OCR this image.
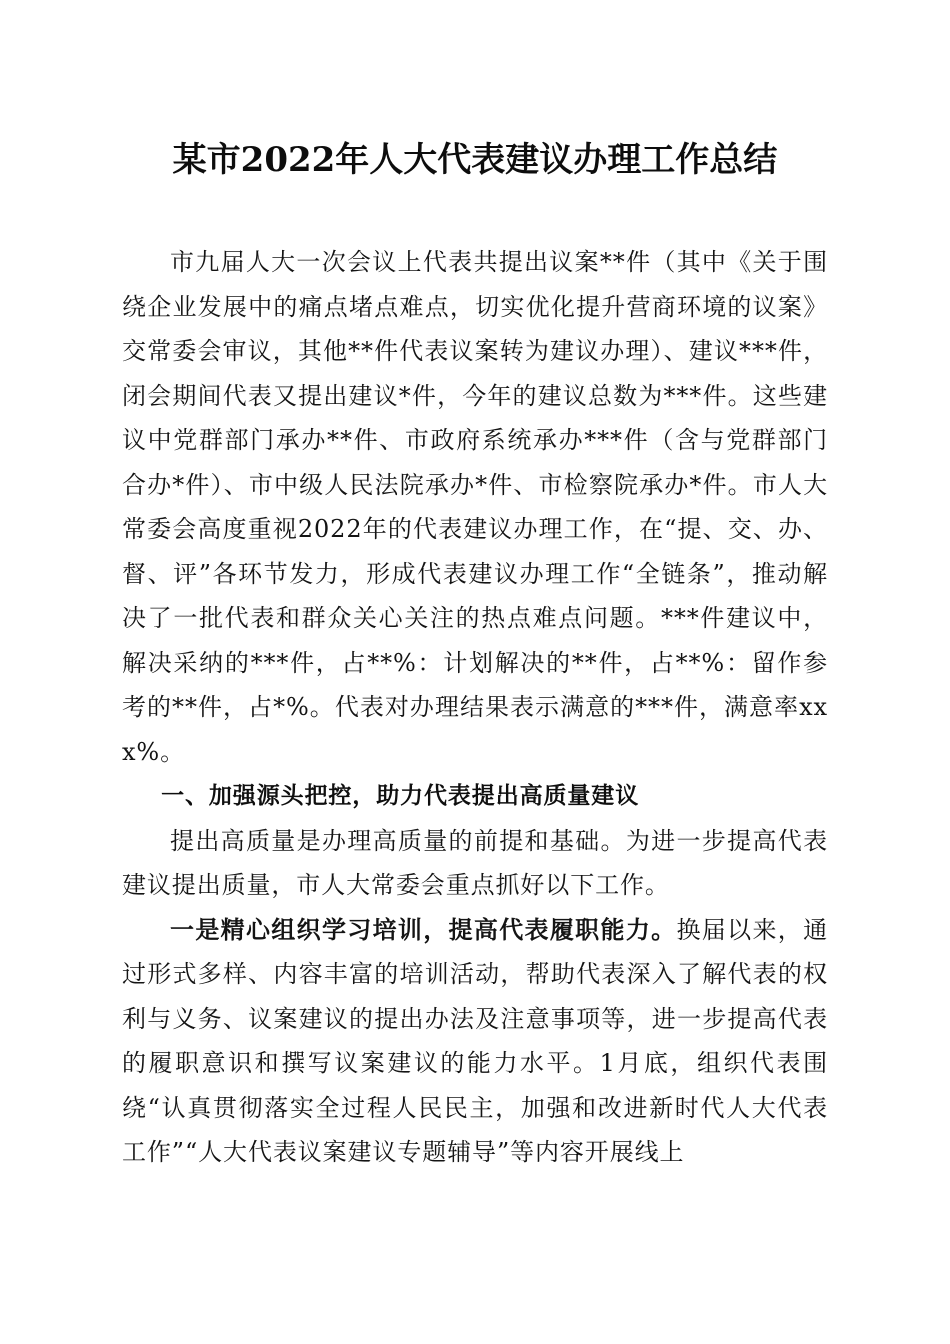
某市2022年人大代表建议办理工作总结

市九届人大一次会议上代表共提出议案**件（其中《关于围绕企业发展中的痛点堵点难点，切实优化提升营商环境的议案》交常委会审议，其他**件代表议案转为建议办理）、建议***件，闭会期间代表又提出建议*件，今年的建议总数为***件。这些建议中党群部门承办**件、市政府系统承办***件（含与党群部门合办*件）、市中级人民法院承办*件、市检察院承办*件。市人大常委会高度重视2022年的代表建议办理工作，在“提、交、办、督、评”各环节发力，形成代表建议办理工作“全链条”，推动解决了一批代表和群众关心关注的热点难点问题。***件建议中，解决采纳的***件，占**%：计划解决的**件，占**%：留作参考的**件，占*%。代表对办理结果表示满意的***件，满意率xxx%。

一、加强源头把控，助力代表提出高质量建议

提出高质量是办理高质量的前提和基础。为进一步提高代表建议提出质量，市人大常委会重点抓好以下工作。

一是精心组织学习培训，提高代表履职能力。换届以来，通过形式多样、内容丰富的培训活动，帮助代表深入了解代表的权利与义务、议案建议的提出办法及注意事项等，进一步提高代表的履职意识和撰写议案建议的能力水平。1月底，组织代表围绕“认真贯彻落实全过程人民民主，加强和改进新时代人大代表工作”“人大代表议案建议专题辅导”等内容开展线上
